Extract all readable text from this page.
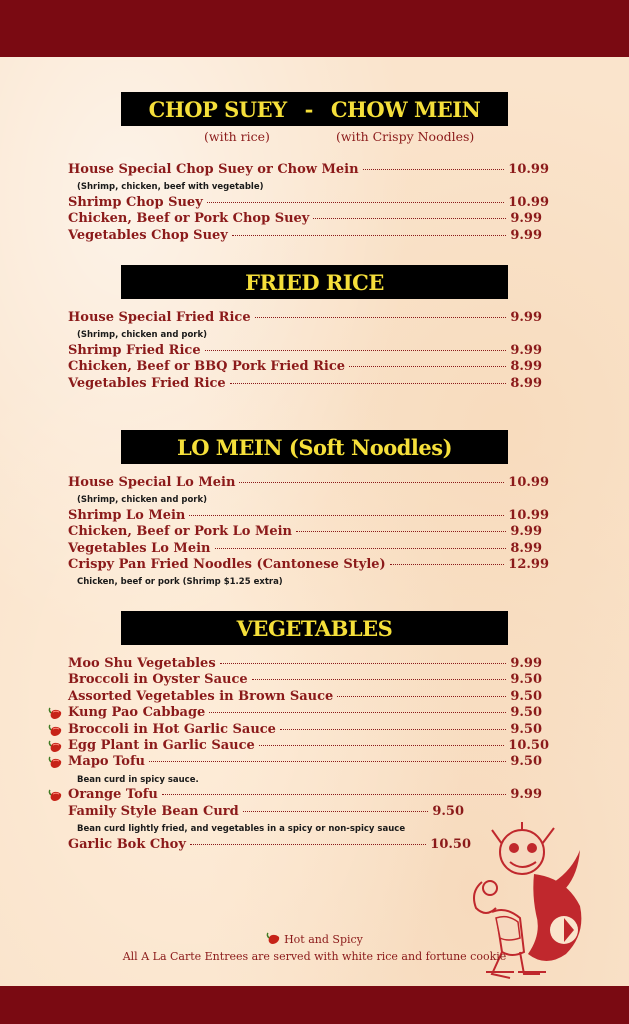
CHOP SUEY - CHOW MEIN
(with rice)	(with Crispy Noodles)
House Special Chop Suey or Chow Mein	10.99
(Shrimp, chicken, beef with vegetable)
Shrimp Chop Suey	10.99
Chicken, Beef or Pork Chop Suey	9.99
Vegetables Chop Suey	9.99
FRIED RICE
House Special Fried Rice	9.99
(Shrimp, chicken and pork)
Shrimp Fried Rice	9.99
Chicken, Beef or BBQ Pork Fried Rice	8.99
Vegetables Fried Rice	8.99
LO MEIN (Soft Noodles)
House Special Lo Mein	10.99
(Shrimp, chicken and pork)
Shrimp Lo Mein	10.99
Chicken, Beef or Pork Lo Mein	9.99
Vegetables Lo Mein	8.99
Crispy Pan Fried Noodles (Cantonese Style)	12.99
Chicken, beef or pork (Shrimp $1.25 extra)
VEGETABLES
Moo Shu Vegetables	9.99
Broccoli in Oyster Sauce	9.50
Assorted Vegetables in Brown Sauce	9.50
Kung Pao Cabbage	9.50
Broccoli in Hot Garlic Sauce	9.50
Egg Plant in Garlic Sauce	10.50
Mapo Tofu	9.50
Bean curd in spicy sauce.
Orange Tofu	9.99
Family Style Bean Curd	9.50
Bean curd lightly fried, and vegetables in a spicy or non-spicy sauce
Garlic Bok Choy	10.50
Hot and Spicy
All A La Carte Entrees are served with white rice and fortune cookie
